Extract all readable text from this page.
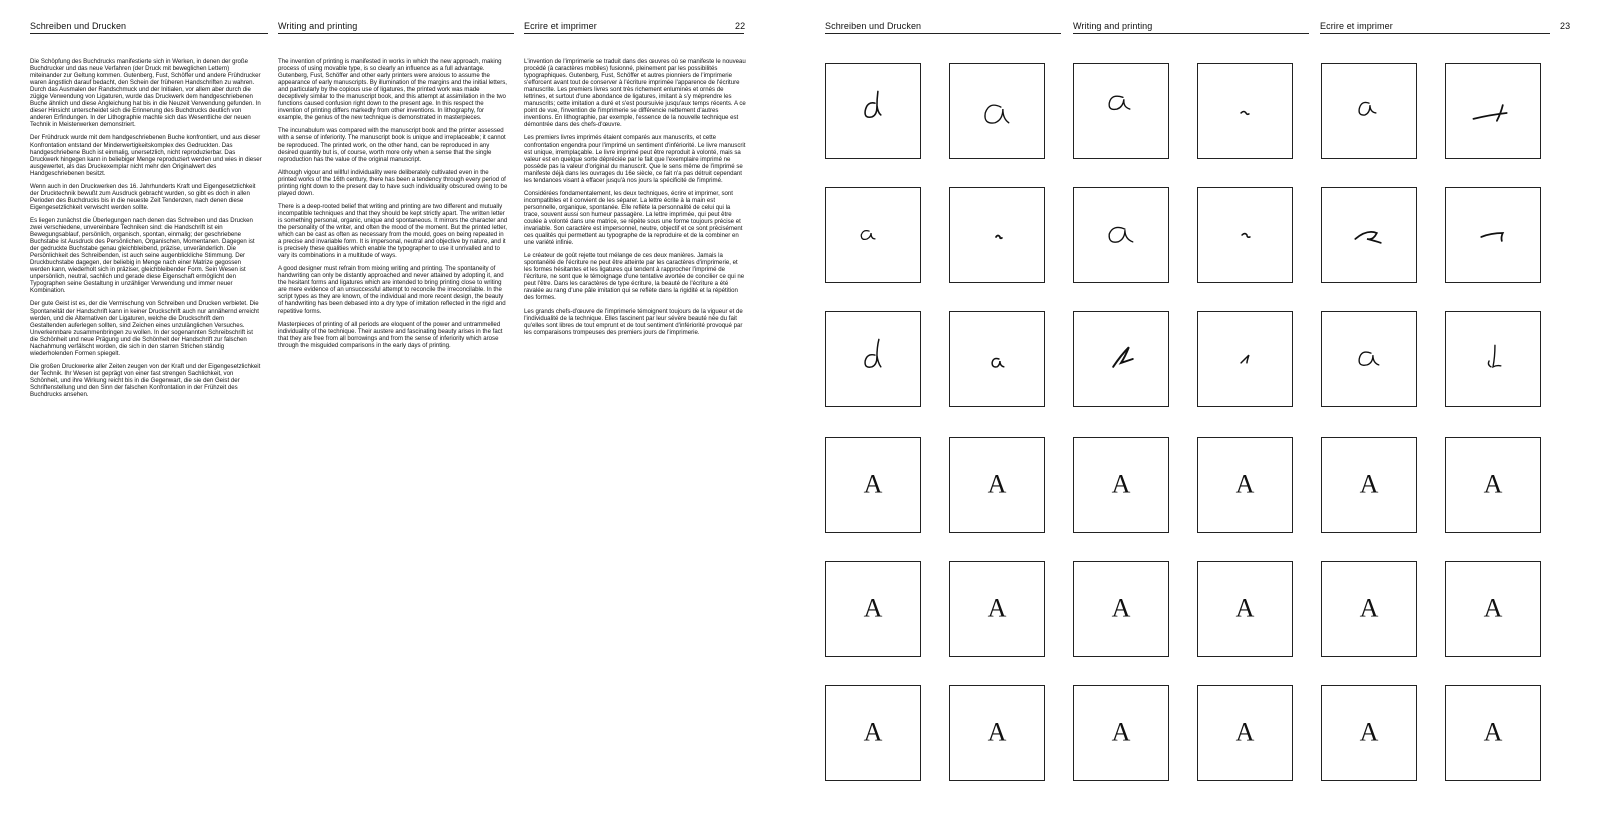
Schreiben und Drucken	Writing and printing	Ecrire et imprimer	22

Die Schöpfung des Buchdrucks manifestierte sich in Werken, in denen der große Buchdrucker und das neue Verfahren (der Druck mit beweglichen Lettern) miteinander zur Geltung kommen. Gutenberg, Fust, Schöffer und andere Frühdrucker waren ängstlich darauf bedacht, den Schein der früheren Handschriften zu wahren. Durch das Ausmalen der Randschmuck und der Initialen, vor allem aber durch die zügige Verwendung von Ligaturen, wurde das Druckwerk dem handgeschriebenen Buche ähnlich und diese Angleichung hat bis in die Neuzeit Verwendung gefunden. In dieser Hinsicht unterscheidet sich die Erinnerung des Buchdrucks deutlich von anderen Erfindungen. In der Lithographie machte sich das Wesentliche der neuen Technik in Meisterwerken demonstriert.

Der Frühdruck wurde mit dem handgeschriebenen Buche konfrontiert, und aus dieser Konfrontation entstand der Minderwertigkeitskomplex des Gedruckten. Das handgeschriebene Buch ist einmalig, unersetzlich, nicht reproduzierbar. Das Druckwerk hingegen kann in beliebiger Menge reproduziert werden und wies in dieser ausgewertet, als das Druckexemplar nicht mehr den Originalwert des Handgeschriebenen besitzt.

Wenn auch in den Druckwerken des 16. Jahrhunderts Kraft und Eigengesetzlichkeit der Drucktechnik bewußt zum Ausdruck gebracht wurden, so gibt es doch in allen Perioden des Buchdrucks bis in die neueste Zeit Tendenzen, nach denen diese Eigengesetzlichkeit verwischt werden sollte.

Es liegen zunächst die Überlegungen nach denen das Schreiben und das Drucken zwei verschiedene, unvereinbare Techniken sind: die Handschrift ist ein Bewegungsablauf, persönlich, organisch, spontan, einmalig; der geschriebene Buchstabe ist Ausdruck des Persönlichen, Organischen, Momentanen. Dagegen ist der gedruckte Buchstabe genau gleichbleibend, präzise, unveränderlich. Die Persönlichkeit des Schreibenden, ist auch seine augenblickliche Stimmung. Der Druckbuchstabe dagegen, der beliebig in Menge nach einer Matrize gegossen werden kann, wiederholt sich in präziser, gleichbleibender Form. Sein Wesen ist unpersönlich, neutral, sachlich und gerade diese Eigenschaft ermöglicht den Typographen seine Gestaltung in unzähliger Verwendung und immer neuer Kombination.

Der gute Geist ist es, der die Vermischung von Schreiben und Drucken verbietet. Die Spontaneität der Handschrift kann in keiner Druckschrift auch nur annähernd erreicht werden, und die Alternativen der Ligaturen, welche die Druckschrift dem Gestaltenden auferlegen sollten, sind Zeichen eines unzulänglichen Versuches. Unverkennbare zusammenbringen zu wollen. In der sogenannten Schreibschrift ist die Schönheit und neue Prägung und die Schönheit der Handschrift zur falschen Nachahmung verfälscht worden, die sich in den starren Strichen ständig wiederholenden Formen spiegelt.

Die großen Druckwerke aller Zeiten zeugen von der Kraft und der Eigengesetzlichkeit der Technik. Ihr Wesen ist geprägt von einer fast strengen Sachlichkeit, von Schönheit, und ihre Wirkung reicht bis in die Gegenwart, die sie den Geist der Schriftenstellung und den Sinn der falschen Konfrontation in der Frühzeit des Buchdrucks ansehen.

The invention of printing is manifested in works in which the new approach, making process of using movable type, is so clearly an influence as a full advantage. Gutenberg, Fust, Schöffer and other early printers were anxious to assume the appearance of early manuscripts. By illumination of the margins and the initial letters, and particularly by the copious use of ligatures, the printed work was made deceptively similar to the manuscript book, and this attempt at assimilation in the two functions caused confusion right down to the present age. In this respect the invention of printing differs markedly from other inventions. In lithography, for example, the genius of the new technique is demonstrated in masterpieces.

The incunabulum was compared with the manuscript book and the printer assessed with a sense of inferiority. The manuscript book is unique and irreplaceable; it cannot be reproduced. The printed work, on the other hand, can be reproduced in any desired quantity but is, of course, worth more only when a sense that the single reproduction has the value of the original manuscript.

Although vigour and willful individuality were deliberately cultivated even in the printed works of the 16th century, there has been a tendency through every period of printing right down to the present day to have such individuality obscured owing to be played down.

There is a deep-rooted belief that writing and printing are two different and mutually incompatible techniques and that they should be kept strictly apart. The written letter is something personal, organic, unique and spontaneous. It mirrors the character and the personality of the writer, and often the mood of the moment. But the printed letter, which can be cast as often as necessary from the mould, goes on being repeated in a precise and invariable form. It is impersonal, neutral and objective by nature, and it is precisely these qualities which enable the typographer to use it unrivalled and to vary its combinations in a multitude of ways.

A good designer must refrain from mixing writing and printing. The spontaneity of handwriting can only be distantly approached and never attained by adopting it, and the hesitant forms and ligatures which are intended to bring printing close to writing are mere evidence of an unsuccessful attempt to reconcile the irreconcilable. In the script types as they are known, of the individual and more recent design, the beauty of handwriting has been debased into a dry type of imitation reflected in the rigid and repetitive forms.

Masterpieces of printing of all periods are eloquent of the power and untrammelled individuality of the technique. Their austere and fascinating beauty arises in the fact that they are free from all borrowings and from the sense of inferiority which arose through the misguided comparisons in the early days of printing.

L'invention de l'imprimerie se traduit dans des œuvres où se manifeste le nouveau procédé (à caractères mobiles) fusionné, pleinement par les possibilités typographiques. Gutenberg, Fust, Schöffer et autres pionniers de l'imprimerie s'efforcent avant tout de conserver à l'écriture imprimée l'apparence de l'écriture manuscrite. Les premiers livres sont très richement enluminés et ornés de lettrines, et surtout d'une abondance de ligatures, imitant à s'y méprendre les manuscrits; cette imitation a duré et s'est poursuivie jusqu'aux temps récents. A ce point de vue, l'invention de l'imprimerie se différencie nettement d'autres inventions. En lithographie, par exemple, l'essence de la nouvelle technique est démontrée dans des chefs-d'œuvre.

Les premiers livres imprimés étaient comparés aux manuscrits, et cette confrontation engendra pour l'imprimé un sentiment d'infériorité. Le livre manuscrit est unique, irremplaçable. Le livre imprimé peut être reproduit à volonté, mais sa valeur est en quelque sorte dépréciée par le fait que l'exemplaire imprimé ne possède pas la valeur d'original du manuscrit. Que le sens même de l'imprimé se manifeste déjà dans les ouvrages du 16e siècle, ce fait n'a pas détruit cependant les tendances visant à effacer jusqu'à nos jours la spécificité de l'imprimé.

Considérées fondamentalement, les deux techniques, écrire et imprimer, sont incompatibles et il convient de les séparer. La lettre écrite à la main est personnelle, organique, spontanée. Elle reflète la personnalité de celui qui la trace, souvent aussi son humeur passagère. La lettre imprimée, qui peut être coulée à volonté dans une matrice, se répète sous une forme toujours précise et invariable. Son caractère est impersonnel, neutre, objectif et ce sont précisément ces qualités qui permettent au typographe de la reproduire et de la combiner en une variété infinie.

Le créateur de goût rejette tout mélange de ces deux manières. Jamais la spontanéité de l'écriture ne peut être atteinte par les caractères d'imprimerie, et les formes hésitantes et les ligatures qui tendent à rapprocher l'imprimé de l'écriture, ne sont que le témoignage d'une tentative avortée de concilier ce qui ne peut l'être. Dans les caractères de type écriture, la beauté de l'écriture a été ravalée au rang d'une pâle imitation qui se reflète dans la rigidité et la répétition des formes.

Les grands chefs-d'œuvre de l'imprimerie témoignent toujours de la vigueur et de l'individualité de la technique. Elles fascinent par leur sévère beauté née du fait qu'elles sont libres de tout emprunt et de tout sentiment d'infériorité provoqué par les comparaisons trompeuses des premiers jours de l'imprimerie.

Schreiben und Drucken	Writing and printing	Ecrire et imprimer	23
A	A	A	A	A	A
A	A	A	A	A	A
A	A	A	A	A	A
